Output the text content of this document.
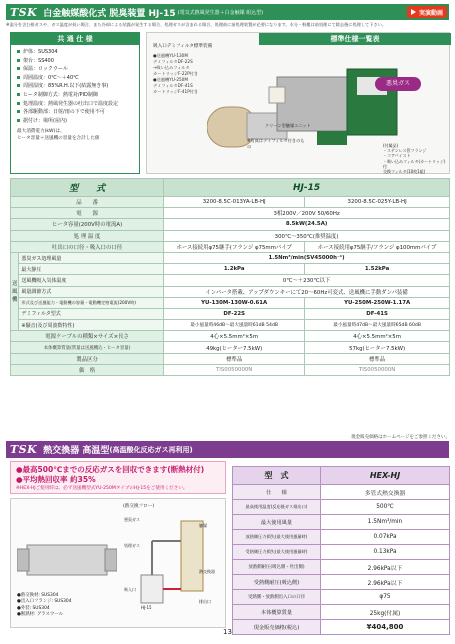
TSK 白金触媒酸化式 脱臭装置 HJ-15 (電気式熱風発生器＋白金触媒 組込型)	実演動画
※湿分を含む排ガスや、ガス温度が低い場合、また冷却による結露が発生する場合、処理ガスが含まれる場合、処理前に前処理装置が必要になります。水分・粉塵は前処理にて除去後に処理して下さい。
共 通 仕 様
炉体：SUS304
架台：SS400
保温：ロックウール
周囲温度：0℃〜＋40℃
周囲湿度：85%R.H.以下(結露無き事)
ヒータ制御方式：熱電対/PID制御
処理温度：熱風発生器の吐出口で温度設定
各部駆動部：日射/雨の下で使用不可
据付け：場所(屋内)
最大消費電力(kW)は、
ヒータ容量＋送風機の容量を合計した値
吸入口デミフィルタ標準装備
●送風機YU-130M
デミフィルタDF-22S
→吸い込みフィルタ
カートリッジF-22P付き
●送風機YU-250M
デミフィルタDF-41S
カートリッジF-41P付き
標準仕様一覧表
悪臭ガス
※写真はデミフィルタ付きのもの
クリーン型触媒ユニット
(付属品)
・ステンレス管フランジ
・コアバイスト
・吸い込みフィルタ(カートリッジ)付
交換フィルタ(10枚1組)
型　　式		HJ-15	
品　　番		3200-8.5C-013YA-LB-HJ	3200-8.5C-025Y-LB-HJ
電　　源		3相200V／200V 50/60Hz	
ヒータ容量(200V時の電流A)		8.5kW(24.5A)	
処 理 温 度		300℃〜350℃(推奨温度)	
吐出口の口径・吸入口の口径		ホース接続用φ75継手(フランジ φ75mmパイプ	ホース接続用φ75継手/フランジ φ100mmパイプ
送風機	悪臭ガス処理風量	1.5Nm³/min(SV45000h⁻¹)	
	最大静圧	1.2kPa	1.52kPa
	送風機吸入気体温度	0℃〜＋230℃以下	
	風量調節方式	インバータ搭載、アップダウンキーにて20〜60Hz可変式、送風機に手動ダンパ装備	
	形式及び送風能力・電動機の容量・電動機定格電流(200V時)	YU-130M-130W-0.61A	YU-250M-250W-1.17A
	デミフィルタ型式	DF-22S	DF-41S
	※騒音(及び周波数特性)	最小風量時46dB〜最大風量時61dB 54dB	最小風量時47dB〜最大風量時65dB 60dB
電源ケーブルの種類×サイズ×長さ		4心×5.5mm²×5m	4心×5.5mm²×5m
本体概算質量(質量は送風機込・ヒータ容量)		49kg(ヒーター7.5kW)	57kg(ヒーター7.5kW)
製品区分		標準品	標準品
価　格		TIS0050000N	TIS0050000N
現金販売価格はホームページをご参照ください。
TSK 熱交換器 高温型 (高温酸化反応ガス再利用)
●最高500℃までの反応ガスを回収できます(断熱材付)
●平均熱回収率 約35%
※HEX-HJご使用時は、必ず送風機型式YU-250MタイプのHJ-15をご使用ください。
●熱交換材: SUS304
●出入口フランジ: SUS304
●外装: SUS304
●断熱材: グラスウール
(熱交換フロー)
悪臭ガス
処理ガス
触媒
HJ-15
排出口
熱交換器
吸入口
型　式	HEX-HJ
仕　　様	多管式熱交換器
最高使用温度(反応後ガス排出口)	500℃
最大使用風量	1.5Nm³/min
放熱側圧力損失(最大使用風量時)	0.07kPa
受熱側圧力損失(最大使用風量時)	0.13kPa
放熱側耐圧(吸込側・吐出側)	2.96kPa以下
受熱側耐圧(吸込側)	2.96kPa以下
受熱側・放熱側出入口の口径	φ75
本体概算質量	25kg(付属)
現金販売価格(税込)	¥404,800
13
